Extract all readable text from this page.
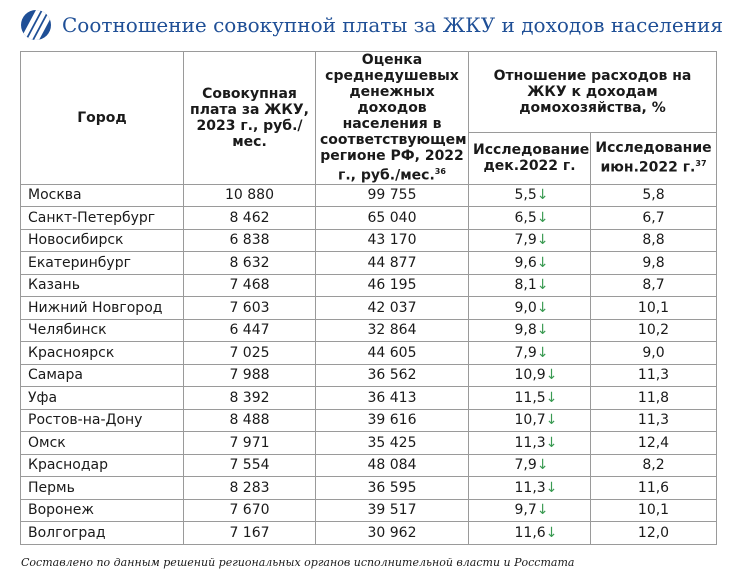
Соотношение совокупной платы за ЖКУ и доходов населения
Город	Совокупная плата за ЖКУ, 2023 г., руб./мес.	Оценка среднедушевых денежных доходов населения в соответствующем регионе РФ, 2022 г., руб./мес.$^{36}$	Отношение расходов на ЖКУ к доходам домохозяйства, %	
			Исследование дек.2022 г.	Исследование июн.2022 г.$^{37}$
Москва	10 880	99 755	5,5↓	5,8
Санкт-Петербург	8 462	65 040	6,5↓	6,7
Новосибирск	6 838	43 170	7,9↓	8,8
Екатеринбург	8 632	44 877	9,6↓	9,8
Казань	7 468	46 195	8,1↓	8,7
Нижний Новгород	7 603	42 037	9,0↓	10,1
Челябинск	6 447	32 864	9,8↓	10,2
Красноярск	7 025	44 605	7,9↓	9,0
Самара	7 988	36 562	10,9↓	11,3
Уфа	8 392	36 413	11,5↓	11,8
Ростов-на-Дону	8 488	39 616	10,7↓	11,3
Омск	7 971	35 425	11,3↓	12,4
Краснодар	7 554	48 084	7,9↓	8,2
Пермь	8 283	36 595	11,3↓	11,6
Воронеж	7 670	39 517	9,7↓	10,1
Волгоград	7 167	30 962	11,6↓	12,0
Составлено по данным решений региональных органов исполнительной власти и Росстата
